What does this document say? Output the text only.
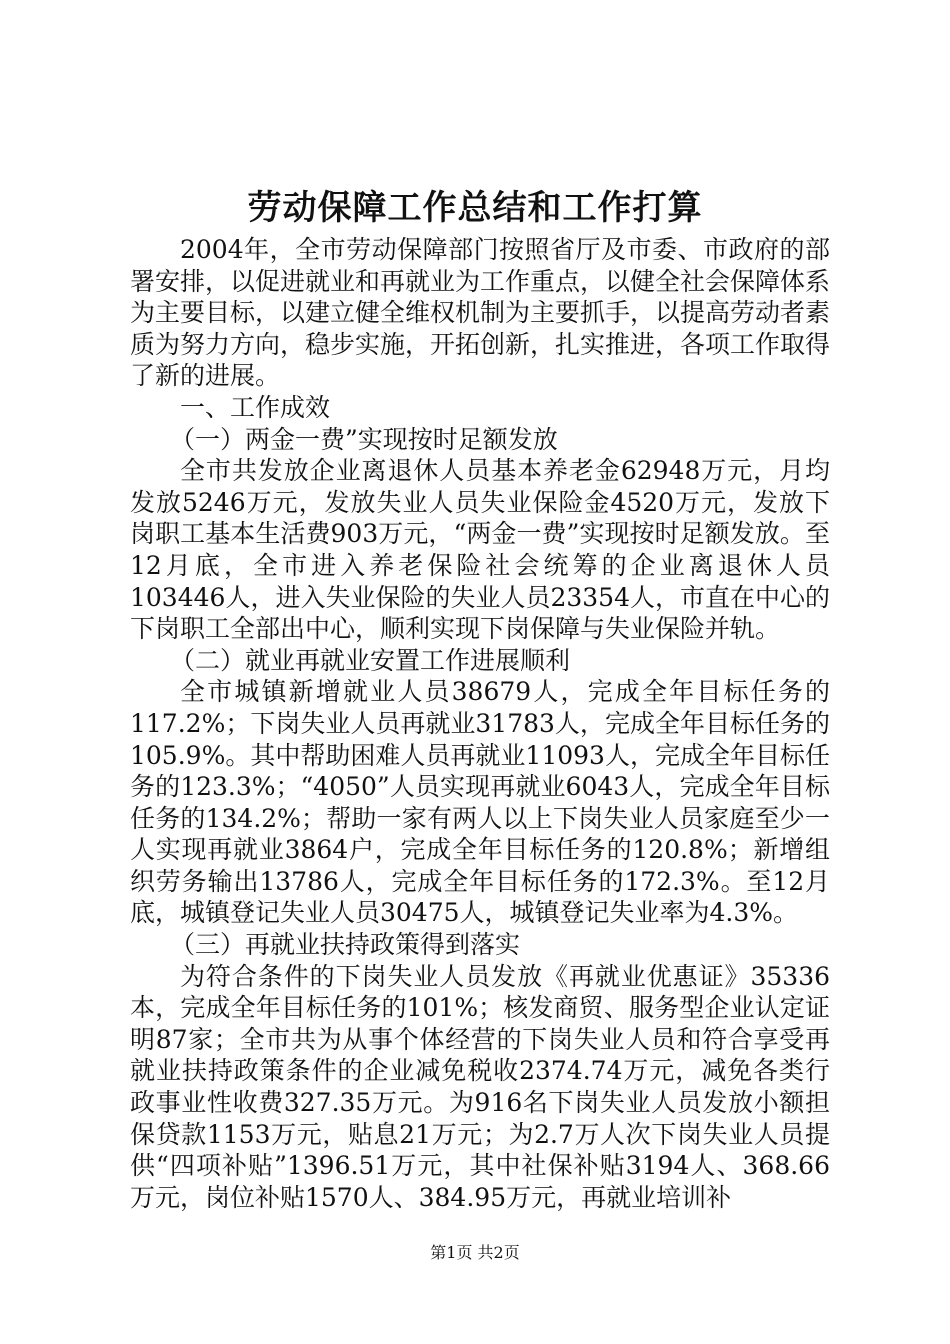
劳动保障工作总结和工作打算

2004年，全市劳动保障部门按照省厅及市委、市政府的部署安排，以促进就业和再就业为工作重点，以健全社会保障体系为主要目标，以建立健全维权机制为主要抓手，以提高劳动者素质为努力方向，稳步实施，开拓创新，扎实推进，各项工作取得了新的进展。

一、工作成效

（一）两金一费”实现按时足额发放

全市共发放企业离退休人员基本养老金62948万元，月均发放5246万元，发放失业人员失业保险金4520万元，发放下岗职工基本生活费903万元，“两金一费”实现按时足额发放。至12月底，全市进入养老保险社会统筹的企业离退休人员103446人，进入失业保险的失业人员23354人，市直在中心的下岗职工全部出中心，顺利实现下岗保障与失业保险并轨。

（二）就业再就业安置工作进展顺利

全市城镇新增就业人员38679人，完成全年目标任务的117.2%；下岗失业人员再就业31783人，完成全年目标任务的105.9%。其中帮助困难人员再就业11093人，完成全年目标任务的123.3%；“4050”人员实现再就业6043人，完成全年目标任务的134.2%；帮助一家有两人以上下岗失业人员家庭至少一人实现再就业3864户，完成全年目标任务的120.8%；新增组织劳务输出13786人，完成全年目标任务的172.3%。至12月底，城镇登记失业人员30475人，城镇登记失业率为4.3%。

（三）再就业扶持政策得到落实

为符合条件的下岗失业人员发放《再就业优惠证》35336本，完成全年目标任务的101%；核发商贸、服务型企业认定证明87家；全市共为从事个体经营的下岗失业人员和符合享受再就业扶持政策条件的企业减免税收2374.74万元，减免各类行政事业性收费327.35万元。为916名下岗失业人员发放小额担保贷款1153万元，贴息21万元；为2.7万人次下岗失业人员提供“四项补贴”1396.51万元，其中社保补贴3194人、368.66万元，岗位补贴1570人、384.95万元，再就业培训补

第1页 共2页
